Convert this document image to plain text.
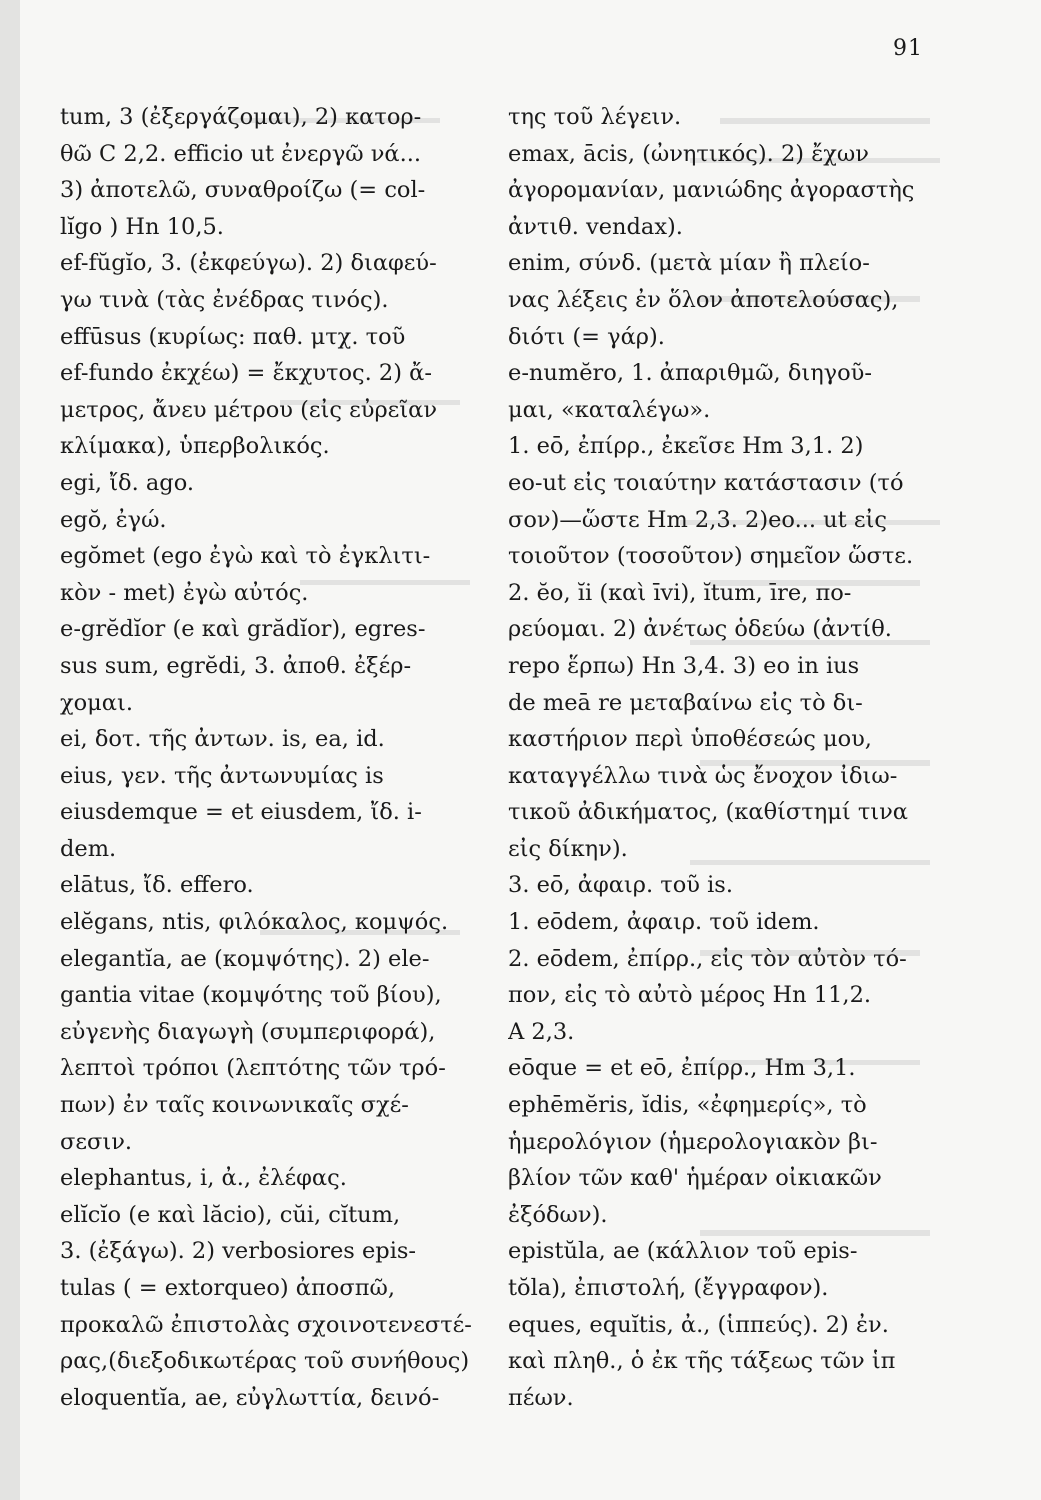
91
tum, 3 (ἐξεργάζομαι), 2) κατορ-
θῶ C 2,2. efficio ut ἐνεργῶ νά...
3) ἀποτελῶ, συναθροίζω (= col-
lĭgo ) Hn 10,5.
ef-fŭgĭo, 3. (ἐκφεύγω). 2) διαφεύ-
γω τινὰ (τὰς ἐνέδρας τινός).
effūsus (κυρίως: παθ. μτχ. τοῦ
ef-fundo ἐκχέω) = ἔκχυτος. 2) ἄ-
μετρος, ἄνευ μέτρου (εἰς εὐρεῖαν
κλίμακα), ὑπερβολικός.
egi, ἴδ. ago.
egŏ, ἐγώ.
egŏmet (ego ἐγὼ καὶ τὸ ἐγκλιτι-
κὸν - met) ἐγὼ αὐτός.
e-grĕdĭor (e καὶ grădĭor), egres-
sus sum, egrĕdi, 3. ἀποθ. ἐξέρ-
χομαι.
ei, δοτ. τῆς ἀντων. is, ea, id.
eius, γεν. τῆς ἀντωνυμίας is
eiusdemque = et eiusdem, ἴδ. i-
dem.
elātus, ἴδ. effero.
elĕgans, ntis, φιλόκαλος, κομψός.
elegantĭa, ae (κομψότης). 2) ele-
gantia vitae (κομψότης τοῦ βίου),
εὐγενὴς διαγωγὴ (συμπεριφορά),
λεπτοὶ τρόποι (λεπτότης τῶν τρό-
πων) ἐν ταῖς κοινωνικαῖς σχέ-
σεσιν.
elephantus, i, ἀ., ἐλέφας.
elĭcĭo (e καὶ lăcio), cŭi, cĭtum,
3. (ἐξάγω). 2) verbosiores epis-
tulas ( = extorqueo) ἀποσπῶ,
προκαλῶ ἐπιστολὰς σχοινοτενεστέ-
ρας,(διεξοδικωτέρας τοῦ συνήθους)
eloquentĭa, ae, εὐγλωττία, δεινό-
της τοῦ λέγειν.
emax, ācis, (ὠνητικός). 2) ἔχων
ἀγορομανίαν, μανιώδης ἀγοραστὴς
ἀντιθ. vendax).
enim, σύνδ. (μετὰ μίαν ἢ πλείο-
νας λέξεις ἐν ὅλον ἀποτελούσας),
διότι (= γάρ).
e-numĕro, 1. ἀπαριθμῶ, διηγοῦ-
μαι, «καταλέγω».
1. eō, ἐπίρρ., ἐκεῖσε Hm 3,1. 2)
eo-ut εἰς τοιαύτην κατάστασιν (τό
σον)—ὥστε Hm 2,3. 2)eo... ut εἰς
τοιοῦτον (τοσοῦτον) σημεῖον ὥστε.
2. ĕo, ĭi (καὶ īvi), ĭtum, īre, πο-
ρεύομαι. 2) ἀνέτως ὁδεύω (ἀντίθ.
repo ἕρπω) Hn 3,4. 3) eo in ius
de meā re μεταβαίνω εἰς τὸ δι-
καστήριον περὶ ὑποθέσεώς μου,
καταγγέλλω τινὰ ὡς ἔνοχον ἰδιω-
τικοῦ ἀδικήματος, (καθίστημί τινα
εἰς δίκην).
3. eō, ἀφαιρ. τοῦ is.
1. eōdem, ἀφαιρ. τοῦ idem.
2. eōdem, ἐπίρρ., εἰς τὸν αὐτὸν τό-
πον, εἰς τὸ αὐτὸ μέρος Hn 11,2.
A 2,3.
eōque = et eō, ἐπίρρ., Hm 3,1.
ephēmĕris, ĭdis, «ἐφημερίς», τὸ
ἡμερολόγιον (ἡμερολογιακὸν βι-
βλίον τῶν καθ' ἡμέραν οἰκιακῶν
ἐξόδων).
epistŭla, ae (κάλλιον τοῦ epis-
tŏla), ἐπιστολή, (ἔγγραφον).
eques, equĭtis, ἀ., (ἱππεύς). 2) ἐν.
καὶ πληθ., ὁ ἐκ τῆς τάξεως τῶν ἱπ
πέων.
